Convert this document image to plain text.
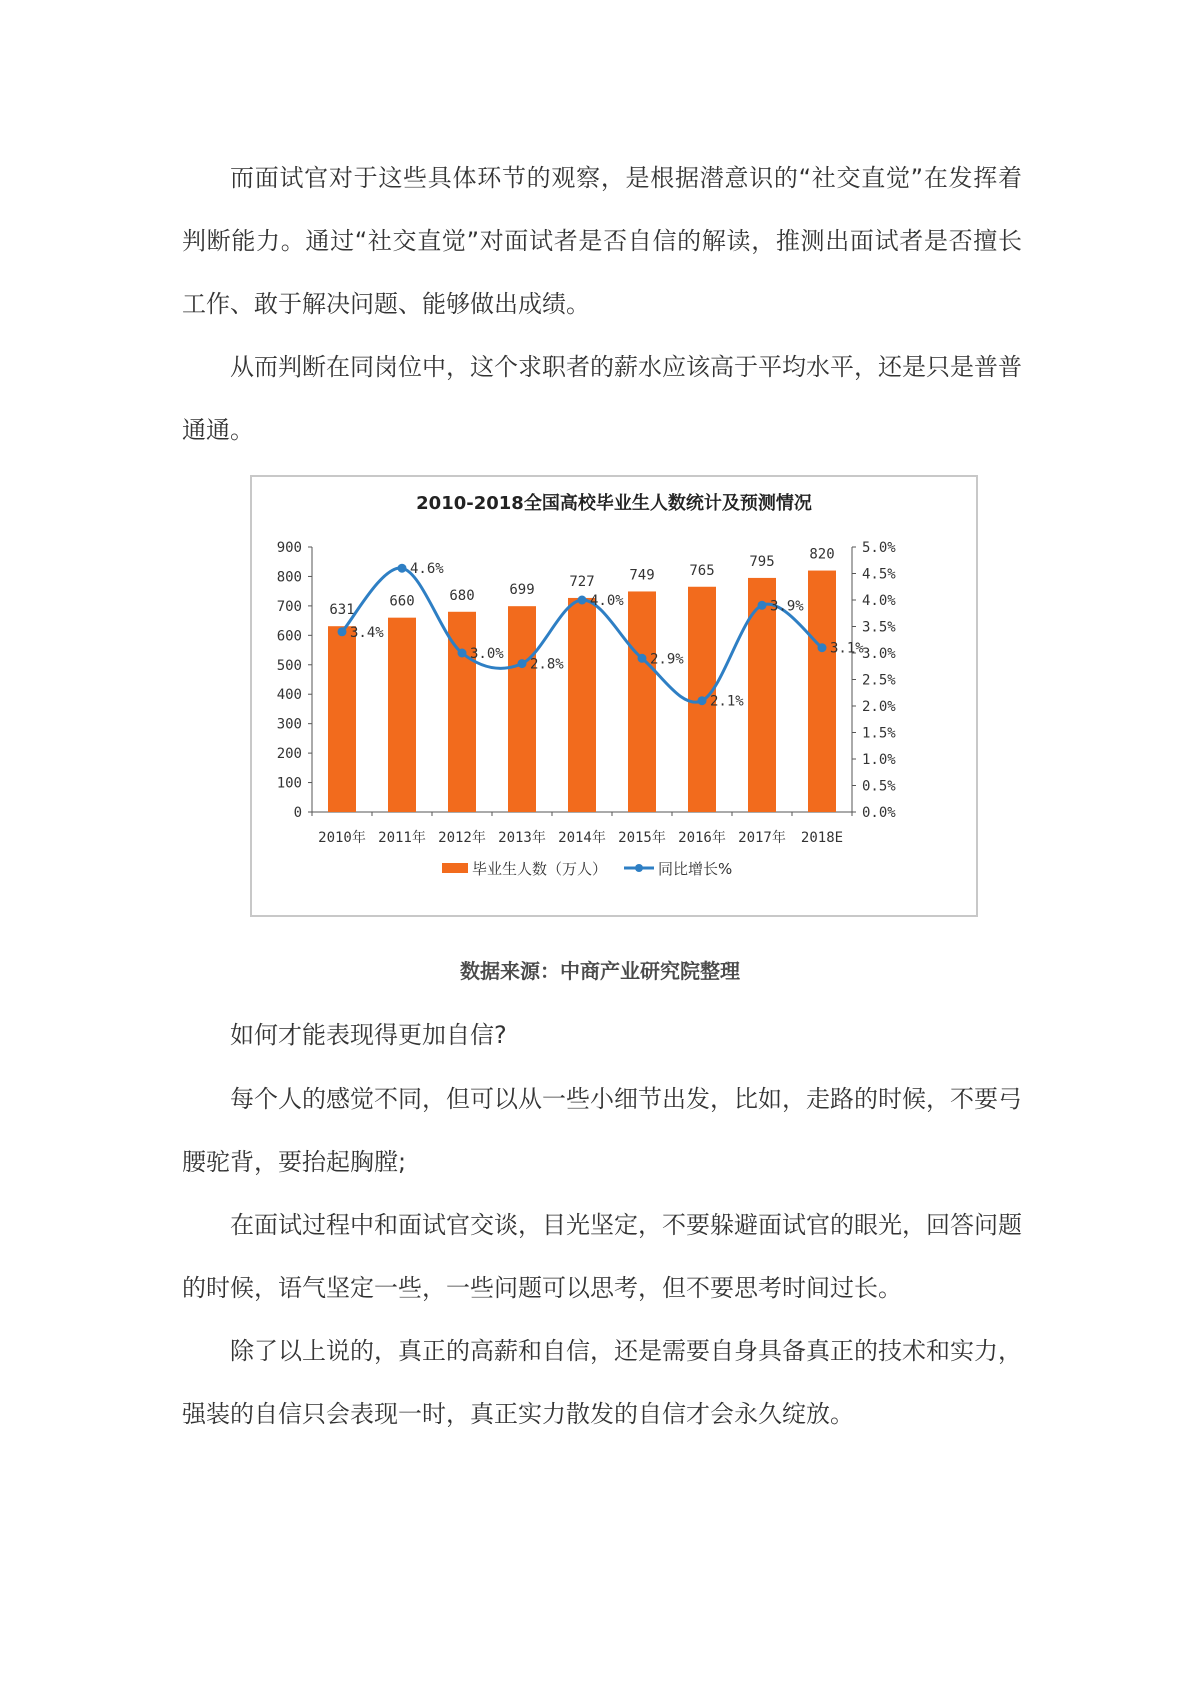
而面试官对于这些具体环节的观察，是根据潜意识的“社交直觉”在发挥着判断能力。通过“社交直觉”对面试者是否自信的解读，推测出面试者是否擅长工作、敢于解决问题、能够做出成绩。

从而判断在同岗位中，这个求职者的薪水应该高于平均水平，还是只是普普通通。

2010-2018全国高校毕业生人数统计及预测情况
0
100
200
300
400
500
600
700
800
900
0.0%
0.5%
1.0%
1.5%
2.0%
2.5%
3.0%
3.5%
4.0%
4.5%
5.0%
2010年 2011年 2012年 2013年 2014年 2015年 2016年 2017年 2018E
631
660 680 699
727 749 765
795 820
3.4%
4.6%
3.0%
2.8%
4.0%
2.9%
2.1%
3.9%
3.1%
毕业生人数（万人）	同比增长%
数据来源：中商产业研究院整理

如何才能表现得更加自信?

每个人的感觉不同，但可以从一些小细节出发，比如，走路的时候，不要弓腰驼背，要抬起胸膛;

在面试过程中和面试官交谈，目光坚定，不要躲避面试官的眼光，回答问题的时候，语气坚定一些，一些问题可以思考，但不要思考时间过长。

除了以上说的，真正的高薪和自信，还是需要自身具备真正的技术和实力，强装的自信只会表现一时，真正实力散发的自信才会永久绽放。
